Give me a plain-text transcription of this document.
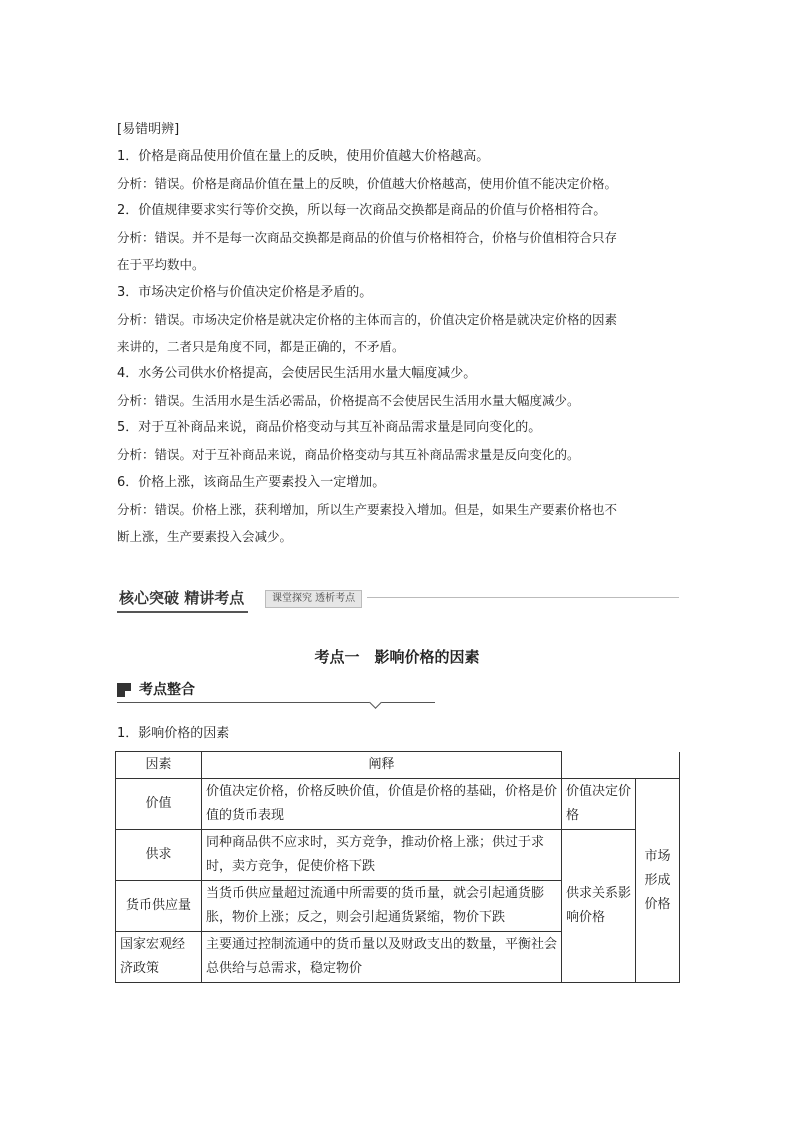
[易错明辨]
1．价格是商品使用价值在量上的反映，使用价值越大价格越高。
分析：错误。价格是商品价值在量上的反映，价值越大价格越高，使用价值不能决定价格。
2．价值规律要求实行等价交换，所以每一次商品交换都是商品的价值与价格相符合。
分析：错误。并不是每一次商品交换都是商品的价值与价格相符合，价格与价值相符合只存
在于平均数中。
3．市场决定价格与价值决定价格是矛盾的。
分析：错误。市场决定价格是就决定价格的主体而言的，价值决定价格是就决定价格的因素
来讲的，二者只是角度不同，都是正确的，不矛盾。
4．水务公司供水价格提高，会使居民生活用水量大幅度减少。
分析：错误。生活用水是生活必需品，价格提高不会使居民生活用水量大幅度减少。
5．对于互补商品来说，商品价格变动与其互补商品需求量是同向变化的。
分析：错误。对于互补商品来说，商品价格变动与其互补商品需求量是反向变化的。
6．价格上涨，该商品生产要素投入一定增加。
分析：错误。价格上涨，获利增加，所以生产要素投入增加。但是，如果生产要素价格也不
断上涨，生产要素投入会减少。
核心突破 精讲考点	课堂探究 透析考点
考点一　影响价格的因素
考点整合
1．影响价格的因素
因素	阐释		
价值	价值决定价格，价格反映价值，价值是价格的基础，价格是价值的货币表现	价值决定价格	市场形成价格
供求	同种商品供不应求时，买方竞争，推动价格上涨；供过于求时，卖方竞争，促使价格下跌	供求关系影响价格	
货币供应量	当货币供应量超过流通中所需要的货币量，就会引起通货膨胀，物价上涨；反之，则会引起通货紧缩，物价下跌		
国家宏观经济政策	主要通过控制流通中的货币量以及财政支出的数量，平衡社会总供给与总需求，稳定物价		
